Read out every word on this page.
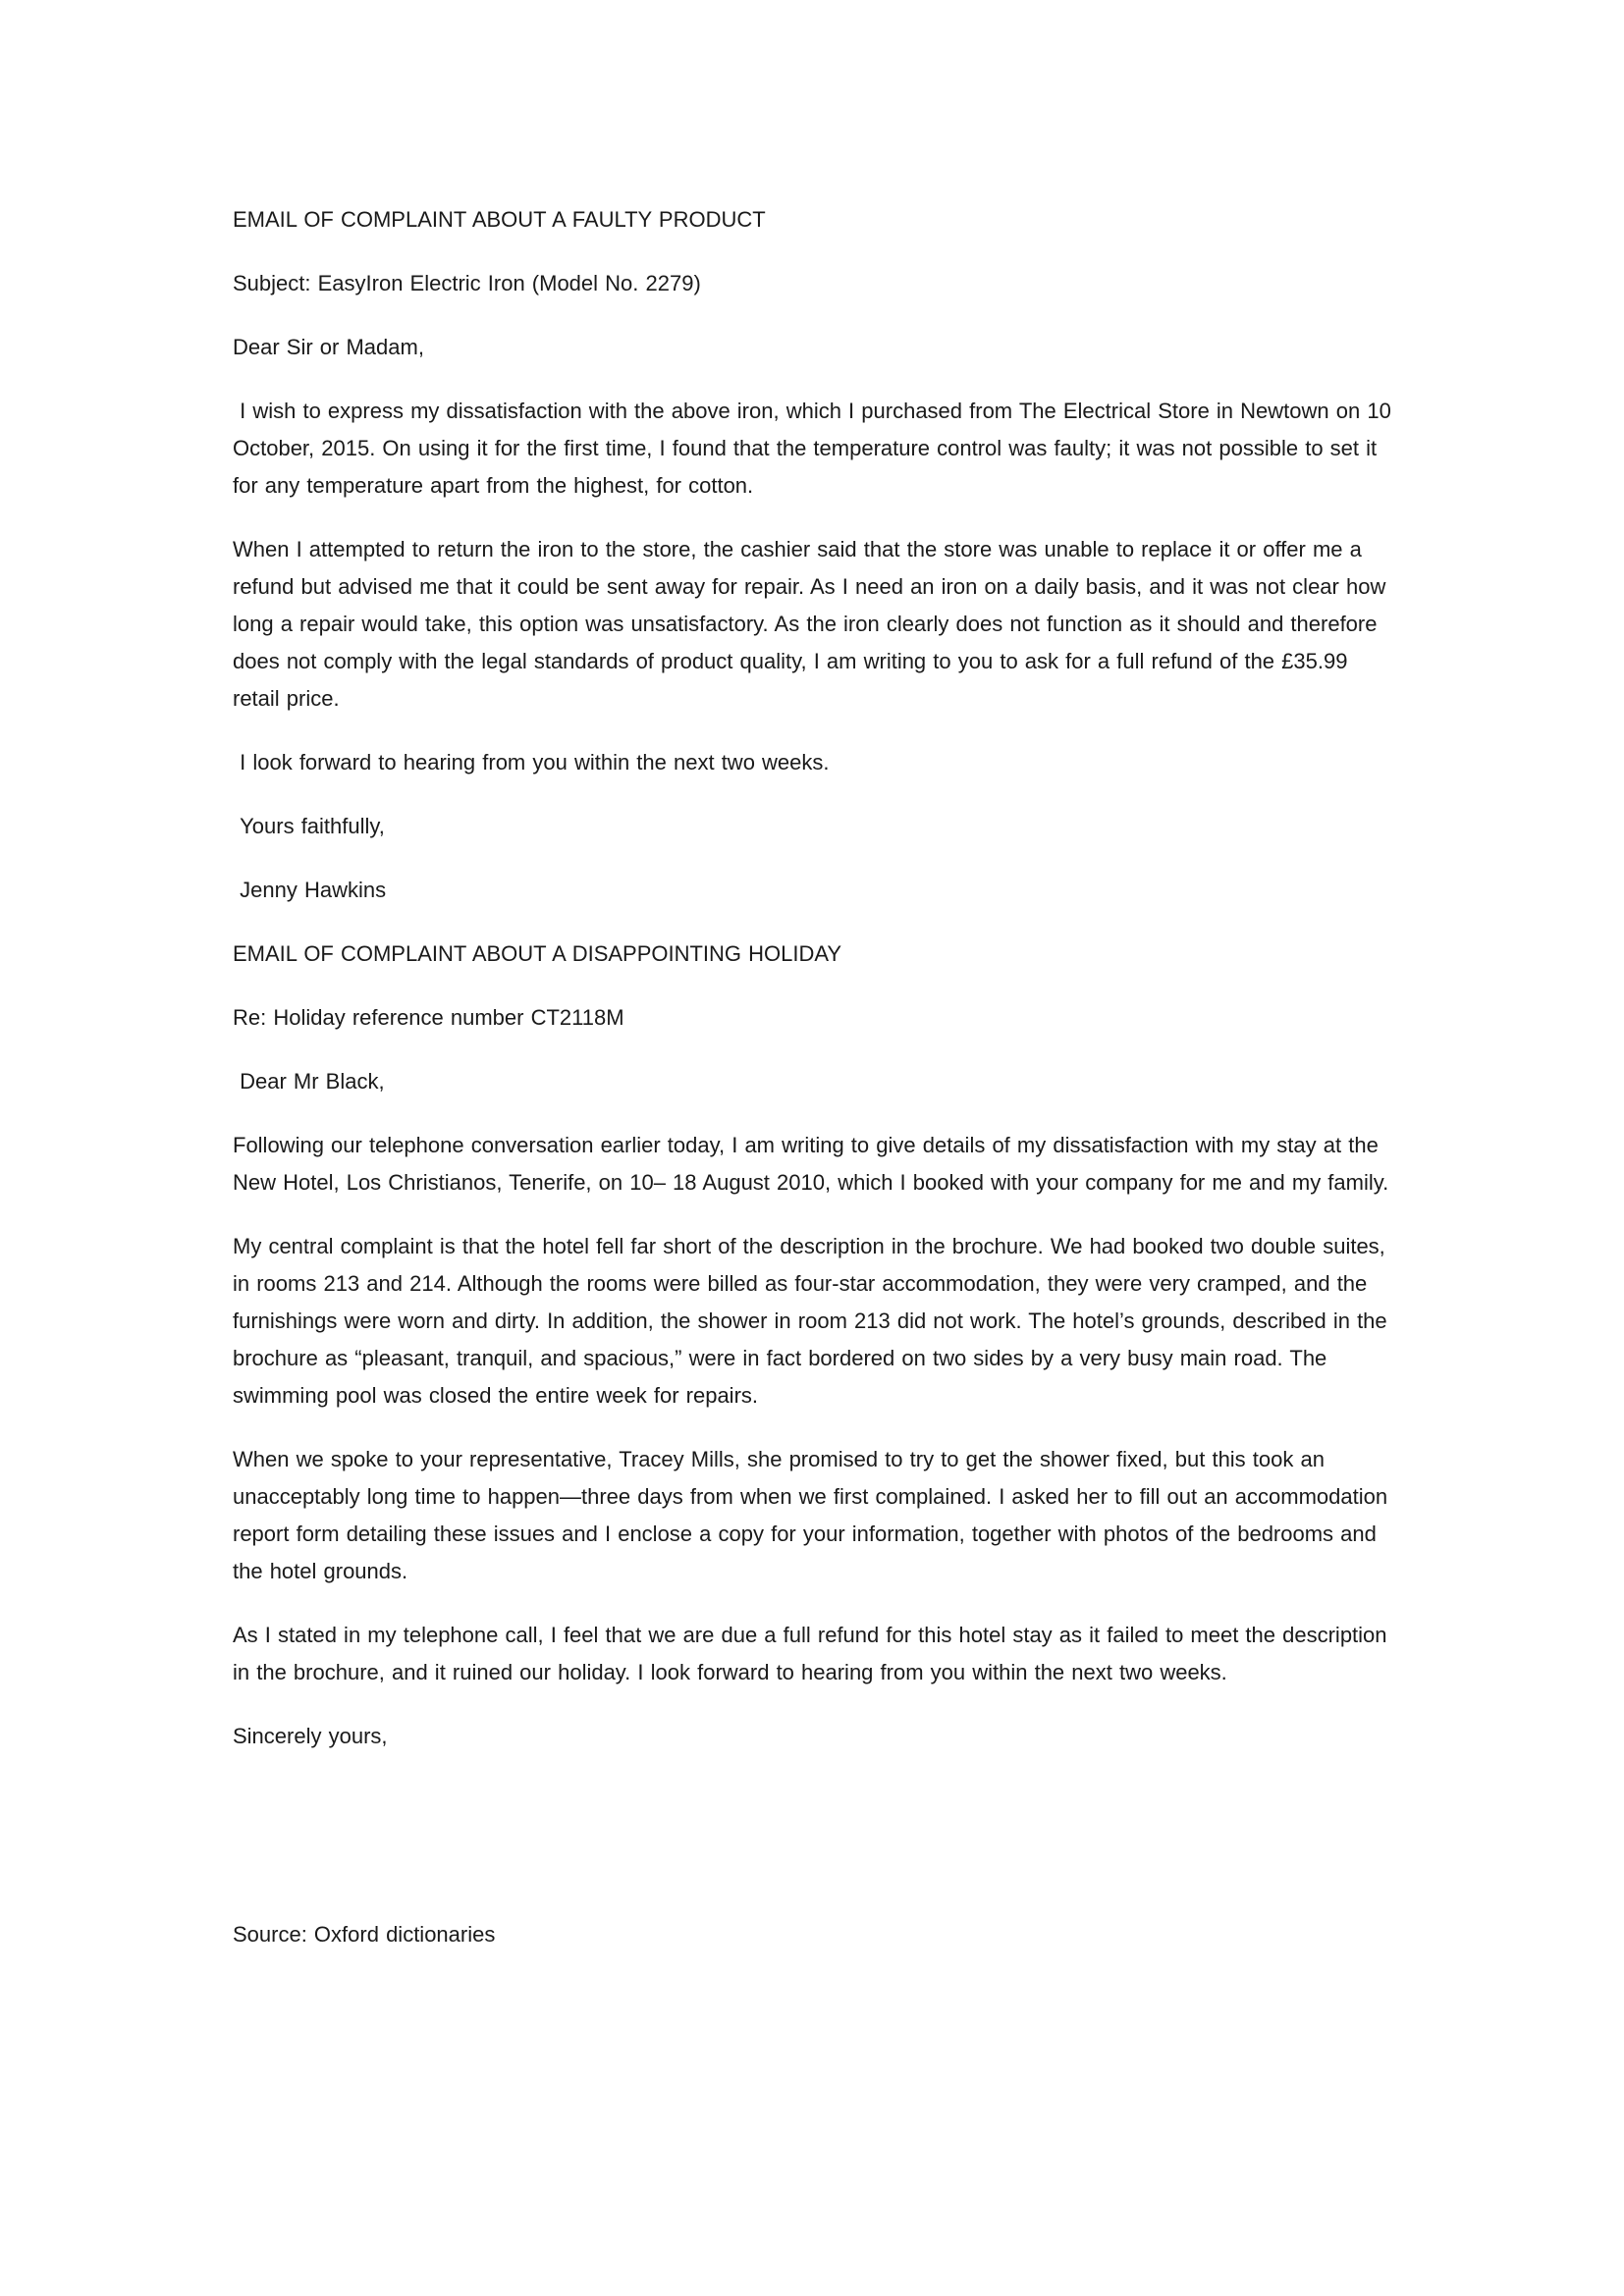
EMAIL OF COMPLAINT ABOUT A FAULTY PRODUCT

Subject: EasyIron Electric Iron (Model No. 2279)

Dear Sir or Madam,

I wish to express my dissatisfaction with the above iron, which I purchased from The Electrical Store in Newtown on 10 October, 2015. On using it for the first time, I found that the temperature control was faulty; it was not possible to set it for any temperature apart from the highest, for cotton.

When I attempted to return the iron to the store, the cashier said that the store was unable to replace it or offer me a refund but advised me that it could be sent away for repair. As I need an iron on a daily basis, and it was not clear how long a repair would take, this option was unsatisfactory. As the iron clearly does not function as it should and therefore does not comply with the legal standards of product quality, I am writing to you to ask for a full refund of the £35.99 retail price.

I look forward to hearing from you within the next two weeks.

Yours faithfully,

Jenny Hawkins

EMAIL OF COMPLAINT ABOUT A DISAPPOINTING HOLIDAY

Re: Holiday reference number CT2118M

Dear Mr Black,

Following our telephone conversation earlier today, I am writing to give details of my dissatisfaction with my stay at the New Hotel, Los Christianos, Tenerife, on 10– 18 August 2010, which I booked with your company for me and my family.

My central complaint is that the hotel fell far short of the description in the brochure. We had booked two double suites, in rooms 213 and 214. Although the rooms were billed as four-star accommodation, they were very cramped, and the furnishings were worn and dirty. In addition, the shower in room 213 did not work. The hotel’s grounds, described in the brochure as “pleasant, tranquil, and spacious,” were in fact bordered on two sides by a very busy main road. The swimming pool was closed the entire week for repairs.

When we spoke to your representative, Tracey Mills, she promised to try to get the shower fixed, but this took an unacceptably long time to happen—three days from when we first complained. I asked her to fill out an accommodation report form detailing these issues and I enclose a copy for your information, together with photos of the bedrooms and the hotel grounds.

As I stated in my telephone call, I feel that we are due a full refund for this hotel stay as it failed to meet the description in the brochure, and it ruined our holiday. I look forward to hearing from you within the next two weeks.

Sincerely yours,

Source: Oxford dictionaries
